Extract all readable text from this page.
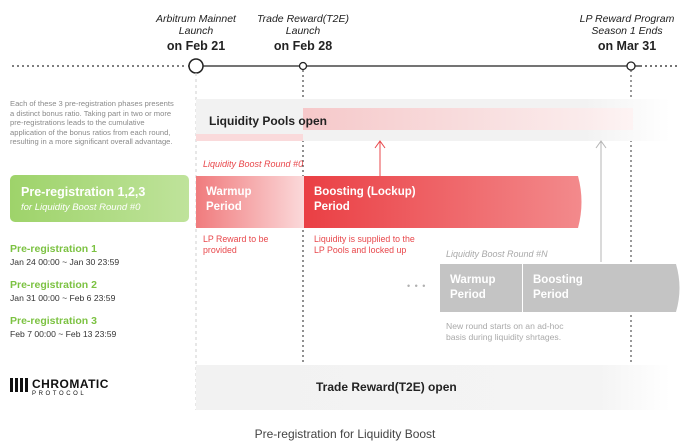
Arbitrum Mainnet
Launch
on Feb 21
Trade Reward(T2E)
Launch
on Feb 28
LP Reward Program
Season 1 Ends
on Mar 31
Each of these 3 pre-registration phases presents a distinct bonus ratio. Taking part in two or more pre-registrations leads to the cumulative application of the bonus ratios from each round, resulting in a more significant overall advantage.
Liquidity Pools open
Liquidity Boost Round #0
Pre-registration 1,2,3
for Liquidity Boost Round #0
Warmup
Period
Boosting (Lockup)
Period
LP Reward to be
provided
Liquidity is supplied to the
LP Pools and locked up
Pre-registration 1
Jan 24 00:00 ~ Jan 30 23:59
Pre-registration 2
Jan 31 00:00 ~ Feb 6 23:59
Pre-registration 3
Feb 7 00:00 ~ Feb 13 23:59
Liquidity Boost Round #N
• • • Warmup
Period
Boosting
Period
New round starts on an ad-hoc
basis during liquidity shrtages.
CHROMATIC
PROTOCOL	Trade Reward(T2E) open
Pre-registration for Liquidity Boost
